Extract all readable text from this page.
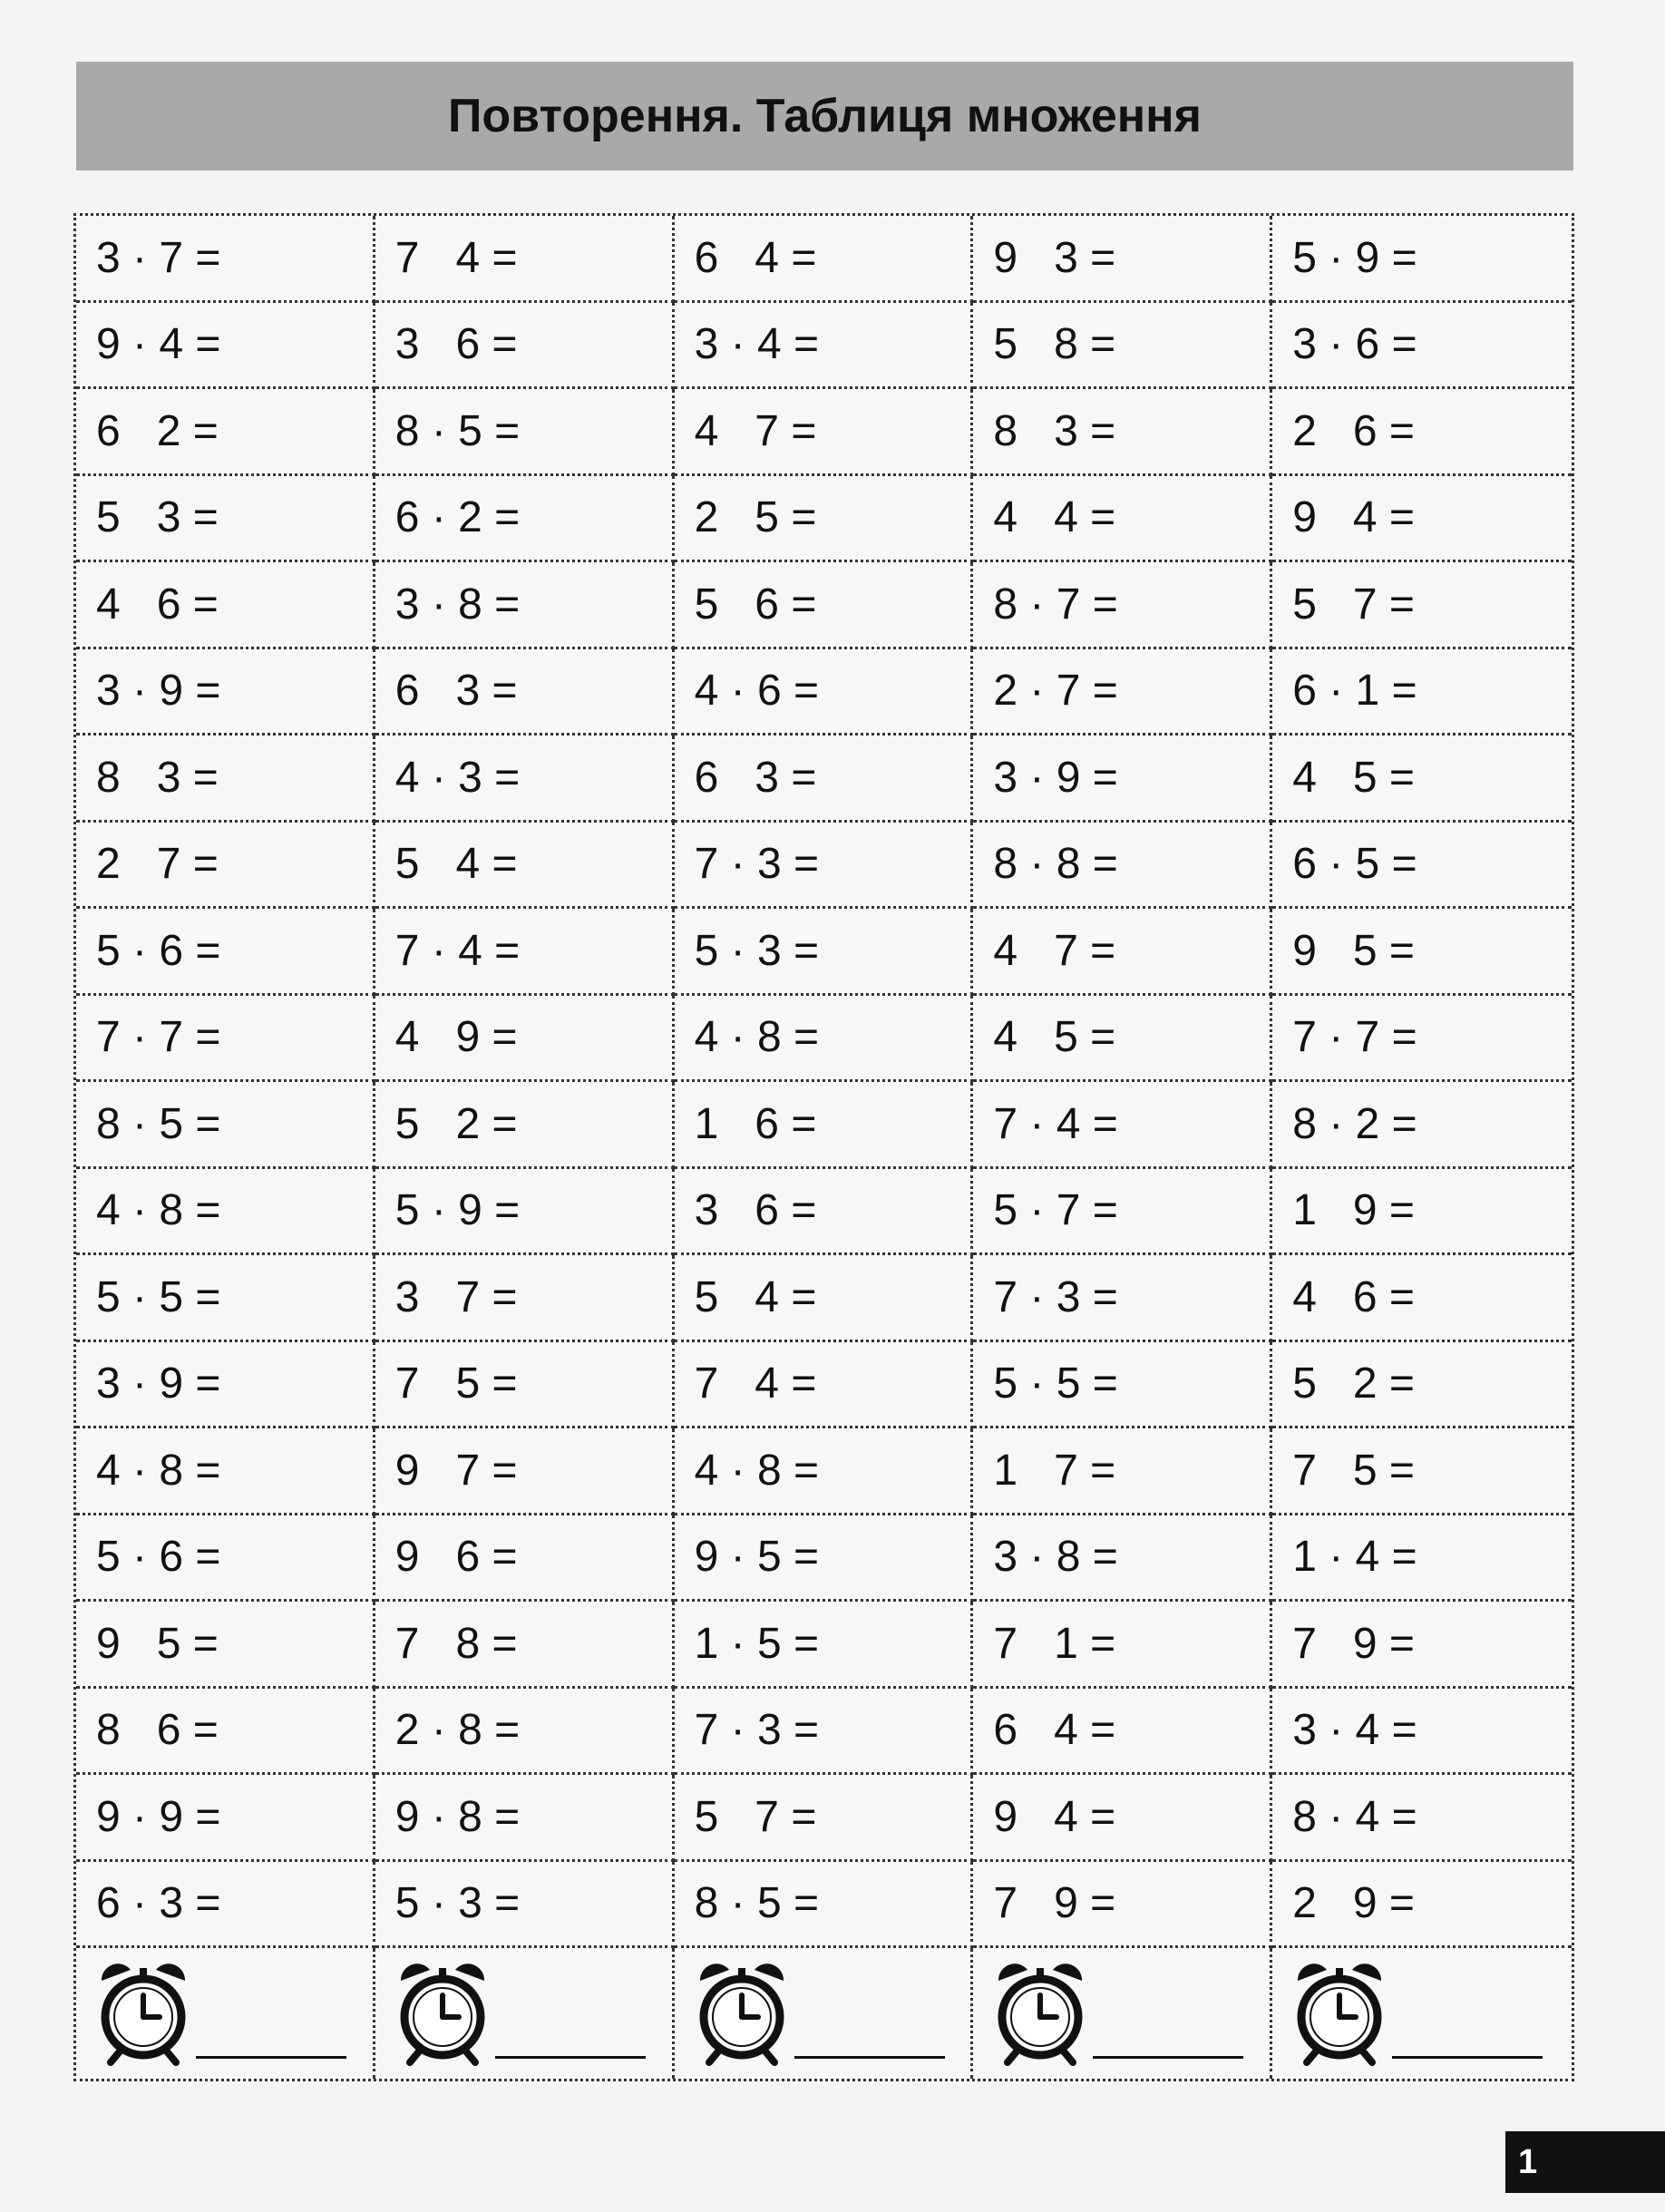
Повторення. Таблиця множення
3 · 7 =	7   4 =	6   4 =	9   3 =	5 · 9 =
9 · 4 =	3   6 =	3 · 4 =	5   8 =	3 · 6 =
6   2 =	8 · 5 =	4   7 =	8   3 =	2   6 =
5   3 =	6 · 2 =	2   5 =	4   4 =	9   4 =
4   6 =	3 · 8 =	5   6 =	8 · 7 =	5   7 =
3 · 9 =	6   3 =	4 · 6 =	2 · 7 =	6 · 1 =
8   3 =	4 · 3 =	6   3 =	3 · 9 =	4   5 =
2   7 =	5   4 =	7 · 3 =	8 · 8 =	6 · 5 =
5 · 6 =	7 · 4 =	5 · 3 =	4   7 =	9   5 =
7 · 7 =	4   9 =	4 · 8 =	4   5 =	7 · 7 =
8 · 5 =	5   2 =	1   6 =	7 · 4 =	8 · 2 =
4 · 8 =	5 · 9 =	3   6 =	5 · 7 =	1   9 =
5 · 5 =	3   7 =	5   4 =	7 · 3 =	4   6 =
3 · 9 =	7   5 =	7   4 =	5 · 5 =	5   2 =
4 · 8 =	9   7 =	4 · 8 =	1   7 =	7   5 =
5 · 6 =	9   6 =	9 · 5 =	3 · 8 =	1 · 4 =
9   5 =	7   8 =	1 · 5 =	7   1 =	7   9 =
8   6 =	2 · 8 =	7 · 3 =	6   4 =	3 · 4 =
9 · 9 =	9 · 8 =	5   7 =	9   4 =	8 · 4 =
6 · 3 =	5 · 3 =	8 · 5 =	7   9 =	2   9 =
1
